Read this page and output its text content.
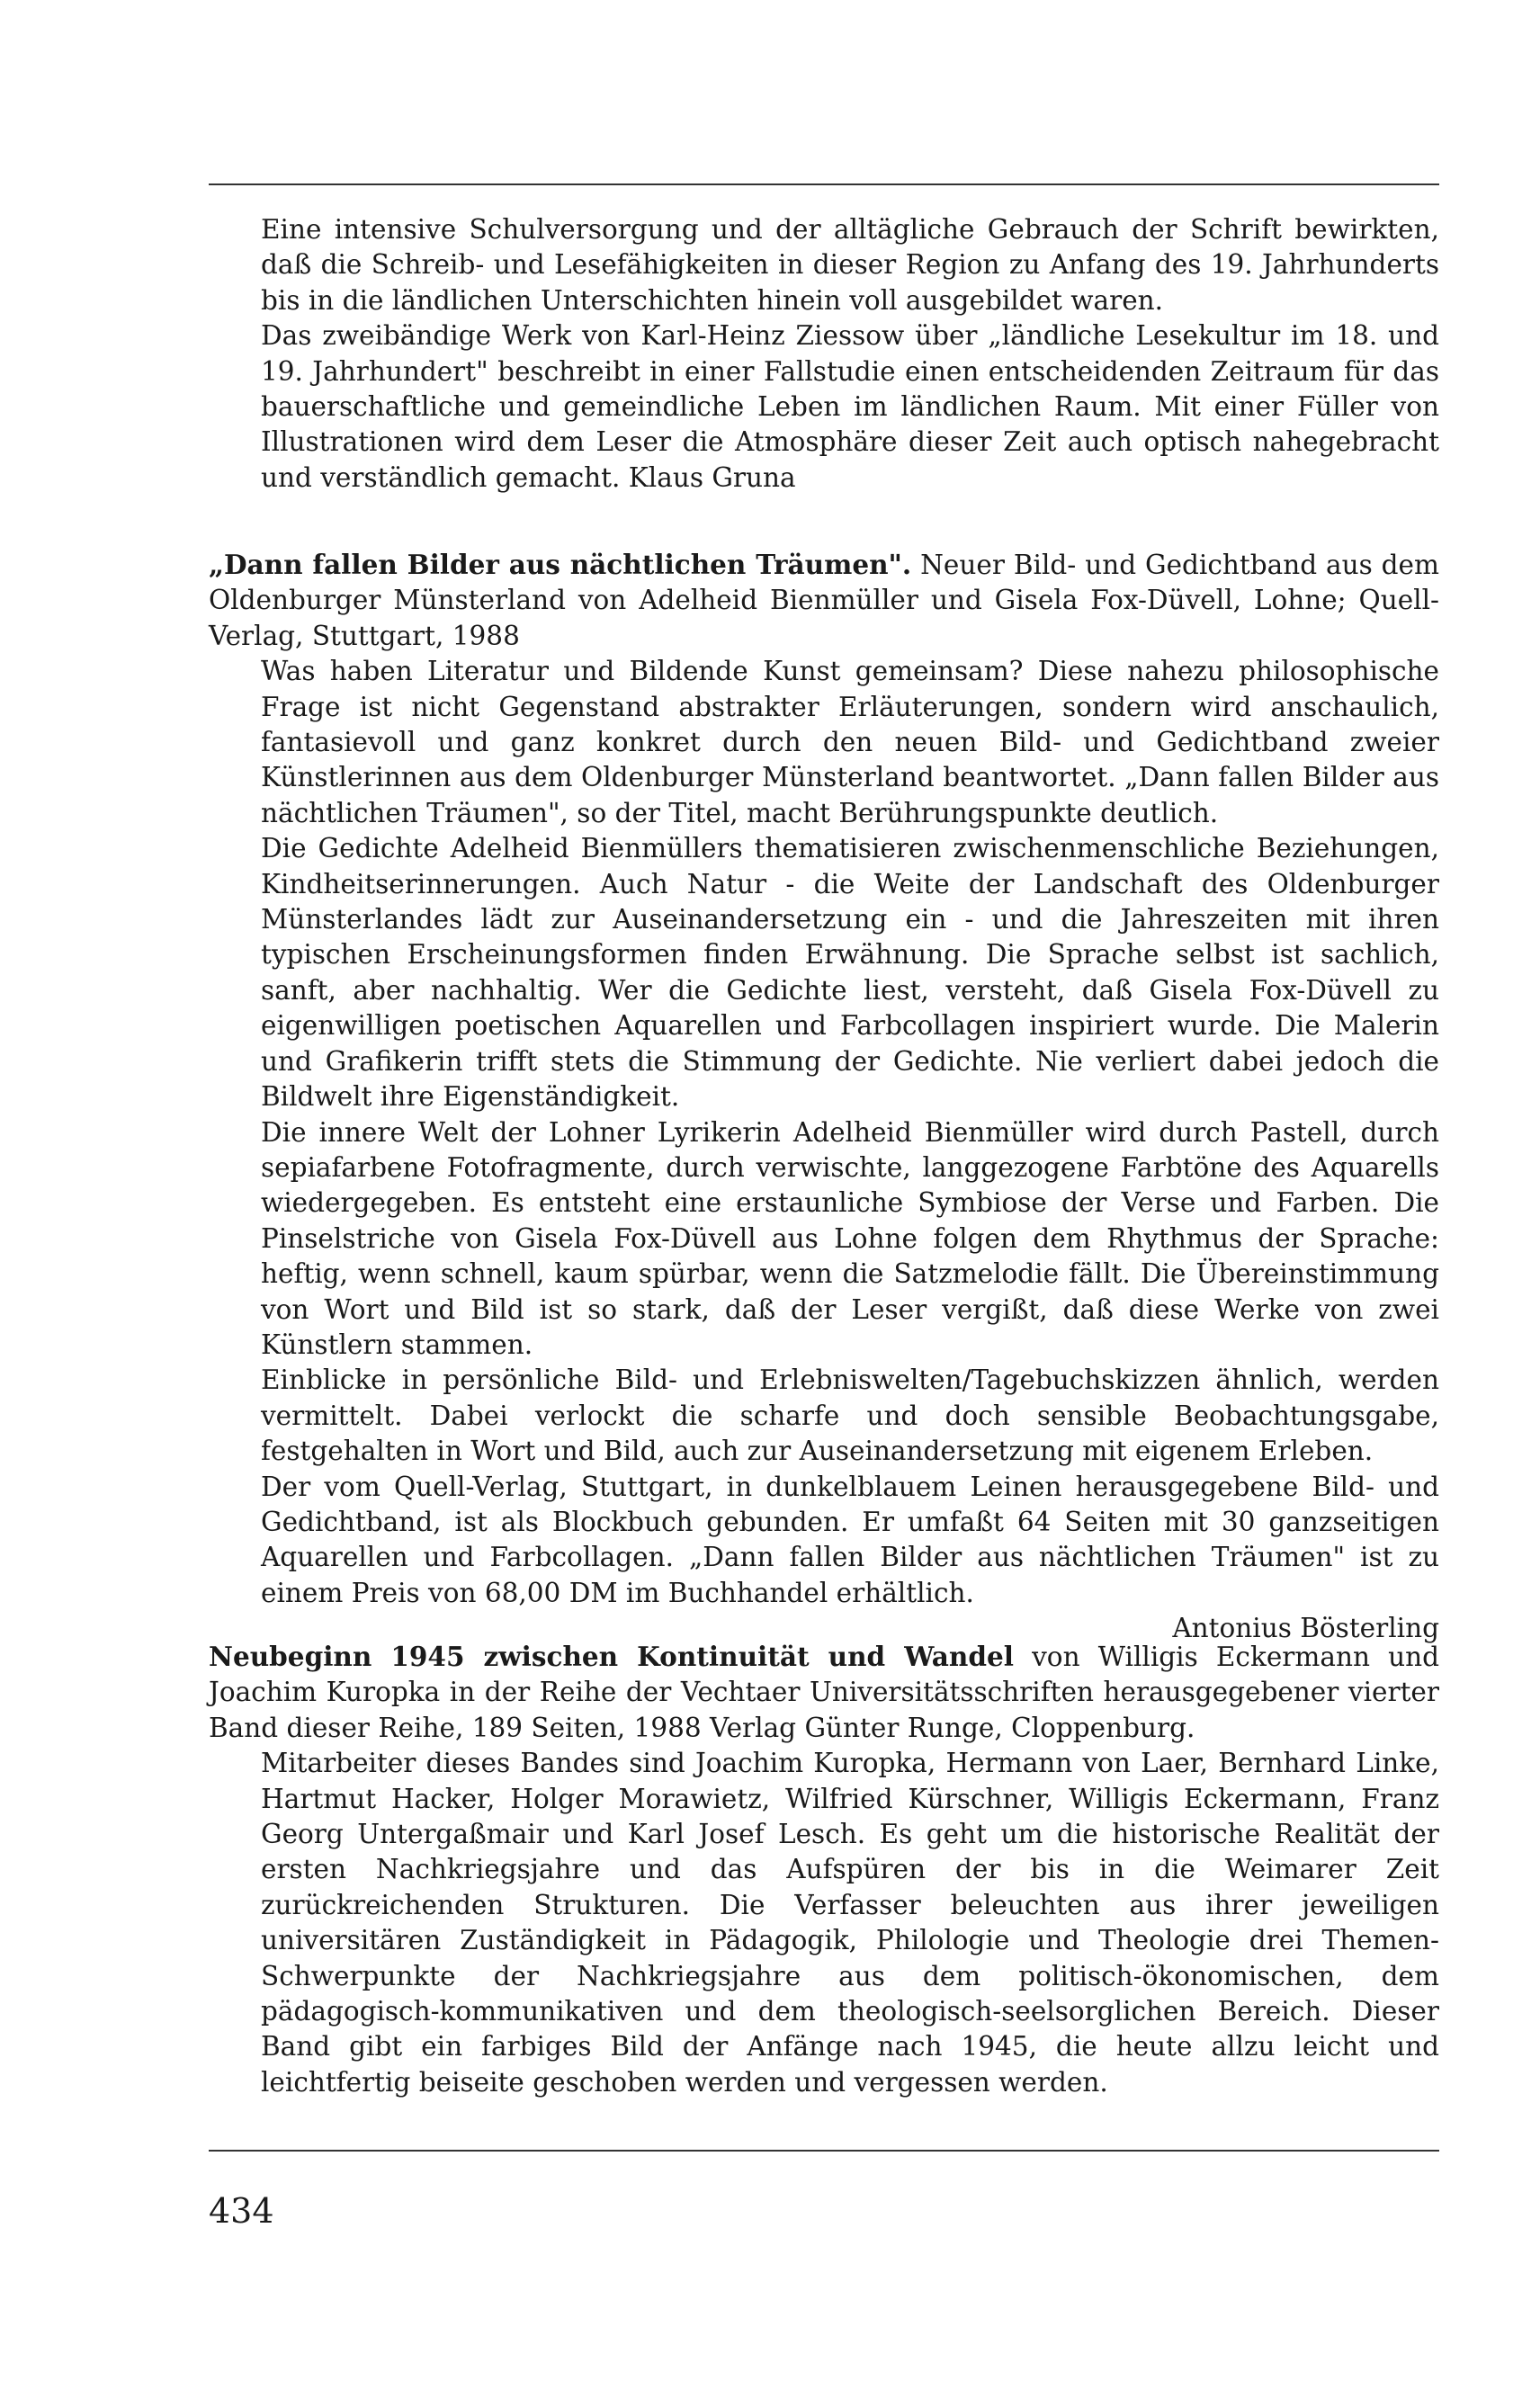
Eine intensive Schulversorgung und der alltägliche Gebrauch der Schrift bewirkten, daß die Schreib- und Lesefähigkeiten in dieser Region zu Anfang des 19. Jahrhunderts bis in die ländlichen Unterschichten hinein voll ausgebildet waren.

Das zweibändige Werk von Karl-Heinz Ziessow über „ländliche Lesekultur im 18. und 19. Jahrhundert" beschreibt in einer Fallstudie einen entscheidenden Zeitraum für das bauerschaftliche und gemeindliche Leben im ländlichen Raum. Mit einer Füller von Illustrationen wird dem Leser die Atmosphäre dieser Zeit auch optisch nahegebracht und verständlich gemacht. Klaus Gruna

„Dann fallen Bilder aus nächtlichen Träumen". Neuer Bild- und Gedichtband aus dem Oldenburger Münsterland von Adelheid Bienmüller und Gisela Fox-Düvell, Lohne; Quell-Verlag, Stuttgart, 1988

Was haben Literatur und Bildende Kunst gemeinsam? Diese nahezu philosophische Frage ist nicht Gegenstand abstrakter Erläuterungen, sondern wird anschaulich, fantasievoll und ganz konkret durch den neuen Bild- und Gedichtband zweier Künstlerinnen aus dem Oldenburger Münsterland beantwortet. „Dann fallen Bilder aus nächtlichen Träumen", so der Titel, macht Berührungspunkte deutlich.

Die Gedichte Adelheid Bienmüllers thematisieren zwischenmenschliche Beziehungen, Kindheitserinnerungen. Auch Natur - die Weite der Landschaft des Oldenburger Münsterlandes lädt zur Auseinandersetzung ein - und die Jahreszeiten mit ihren typischen Erscheinungsformen finden Erwähnung. Die Sprache selbst ist sachlich, sanft, aber nachhaltig. Wer die Gedichte liest, versteht, daß Gisela Fox-Düvell zu eigenwilligen poetischen Aquarellen und Farbcollagen inspiriert wurde. Die Malerin und Grafikerin trifft stets die Stimmung der Gedichte. Nie verliert dabei jedoch die Bildwelt ihre Eigenständigkeit.

Die innere Welt der Lohner Lyrikerin Adelheid Bienmüller wird durch Pastell, durch sepiafarbene Fotofragmente, durch verwischte, langgezogene Farbtöne des Aquarells wiedergegeben. Es entsteht eine erstaunliche Symbiose der Verse und Farben. Die Pinselstriche von Gisela Fox-Düvell aus Lohne folgen dem Rhythmus der Sprache: heftig, wenn schnell, kaum spürbar, wenn die Satzmelodie fällt. Die Übereinstimmung von Wort und Bild ist so stark, daß der Leser vergißt, daß diese Werke von zwei Künstlern stammen.

Einblicke in persönliche Bild- und Erlebniswelten/Tagebuchskizzen ähnlich, werden vermittelt. Dabei verlockt die scharfe und doch sensible Beobachtungsgabe, festgehalten in Wort und Bild, auch zur Auseinandersetzung mit eigenem Erleben.

Der vom Quell-Verlag, Stuttgart, in dunkelblauem Leinen herausgegebene Bild- und Gedichtband, ist als Blockbuch gebunden. Er umfaßt 64 Seiten mit 30 ganzseitigen Aquarellen und Farbcollagen. „Dann fallen Bilder aus nächtlichen Träumen" ist zu einem Preis von 68,00 DM im Buchhandel erhältlich.

Antonius Bösterling

Neubeginn 1945 zwischen Kontinuität und Wandel von Willigis Eckermann und Joachim Kuropka in der Reihe der Vechtaer Universitätsschriften herausgegebener vierter Band dieser Reihe, 189 Seiten, 1988 Verlag Günter Runge, Cloppenburg.

Mitarbeiter dieses Bandes sind Joachim Kuropka, Hermann von Laer, Bernhard Linke, Hartmut Hacker, Holger Morawietz, Wilfried Kürschner, Willigis Eckermann, Franz Georg Untergaßmair und Karl Josef Lesch. Es geht um die historische Realität der ersten Nachkriegsjahre und das Aufspüren der bis in die Weimarer Zeit zurückreichenden Strukturen. Die Verfasser beleuchten aus ihrer jeweiligen universitären Zuständigkeit in Pädagogik, Philologie und Theologie drei Themen-Schwerpunkte der Nachkriegsjahre aus dem politisch-ökonomischen, dem pädagogisch-kommunikativen und dem theologisch-seelsorglichen Bereich. Dieser Band gibt ein farbiges Bild der Anfänge nach 1945, die heute allzu leicht und leichtfertig beiseite geschoben werden und vergessen werden.

434
